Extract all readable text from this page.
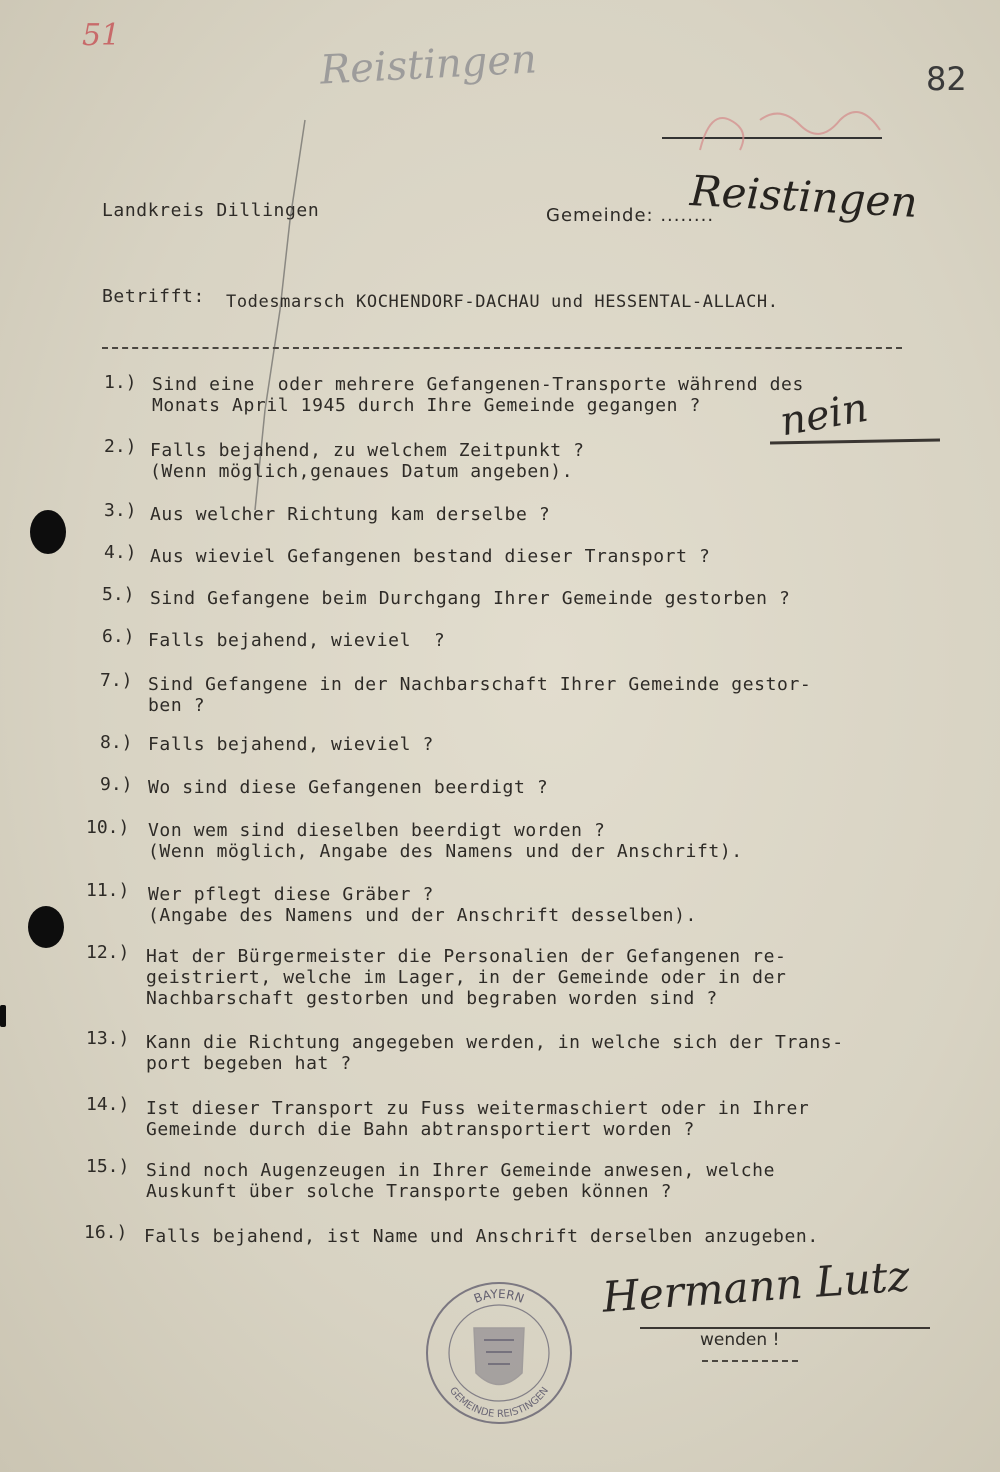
51
Reistingen	82
Landkreis Dillingen	Gemeinde: ........
Reistingen
Betrifft: Todesmarsch KOCHENDORF-DACHAU und HESSENTAL-ALLACH.
1.) Sind eine  oder mehrere Gefangenen-Transporte während des
Monats April 1945 durch Ihre Gemeinde gegangen ?
2.) Falls bejahend, zu welchem Zeitpunkt ?
(Wenn möglich,genaues Datum angeben).
3.) Aus welcher Richtung kam derselbe ?
4.) Aus wieviel Gefangenen bestand dieser Transport ?
5.) Sind Gefangene beim Durchgang Ihrer Gemeinde gestorben ?
6.) Falls bejahend, wieviel  ?
7.) Sind Gefangene in der Nachbarschaft Ihrer Gemeinde gestor-
ben ?
8.) Falls bejahend, wieviel ?
9.) Wo sind diese Gefangenen beerdigt ?
10.) Von wem sind dieselben beerdigt worden ?
(Wenn möglich, Angabe des Namens und der Anschrift).
11.) Wer pflegt diese Gräber ?
(Angabe des Namens und der Anschrift desselben).
12.) Hat der Bürgermeister die Personalien der Gefangenen re-
geistriert, welche im Lager, in der Gemeinde oder in der
Nachbarschaft gestorben und begraben worden sind ?
13.) Kann die Richtung angegeben werden, in welche sich der Trans-
port begeben hat ?
14.) Ist dieser Transport zu Fuss weitermaschiert oder in Ihrer
Gemeinde durch die Bahn abtransportiert worden ?
15.) Sind noch Augenzeugen in Ihrer Gemeinde anwesen, welche
Auskunft über solche Transporte geben können ?
16.) Falls bejahend, ist Name und Anschrift derselben anzugeben.
nein
Hermann Lutz
wenden !
BAYERN
GEMEINDE REISTINGEN
